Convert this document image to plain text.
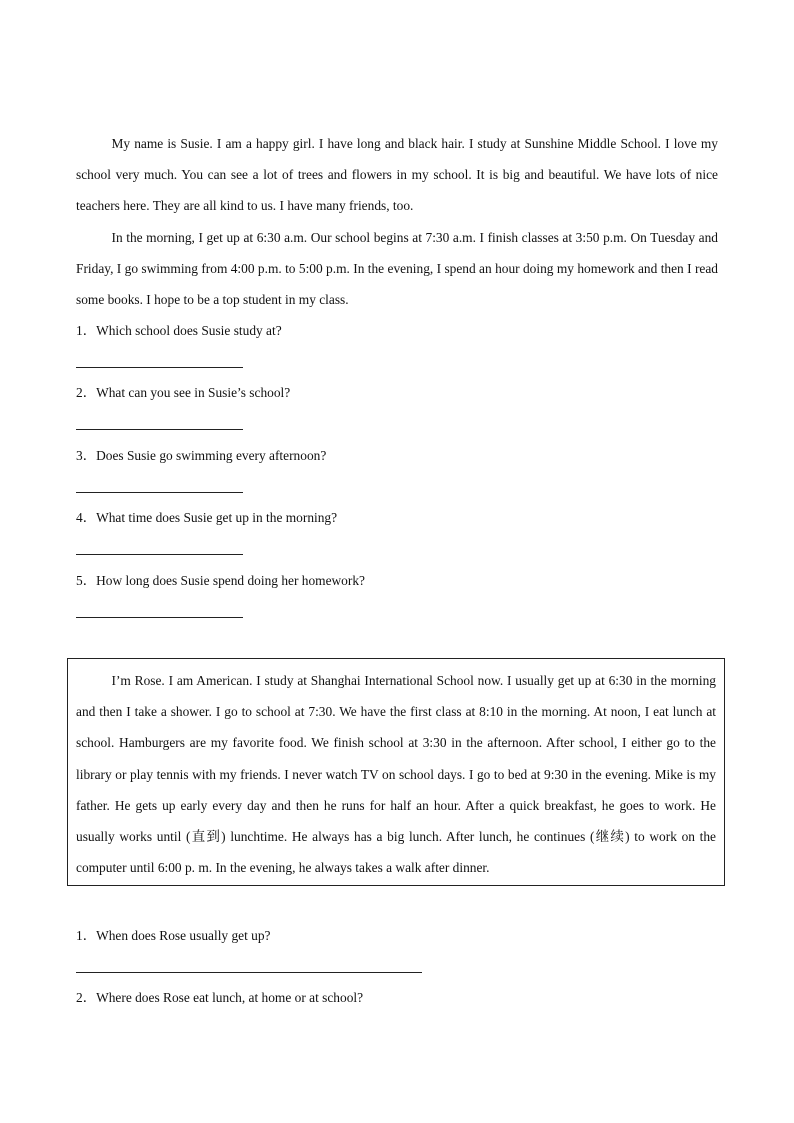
My name is Susie. I am a happy girl. I have long and black hair. I study at Sunshine Middle School. I love my school very much. You can see a lot of trees and flowers in my school. It is big and beautiful. We have lots of nice teachers here. They are all kind to us. I have many friends, too.

In the morning, I get up at 6:30 a.m. Our school begins at 7:30 a.m. I finish classes at 3:50 p.m. On Tuesday and Friday, I go swimming from 4:00 p.m. to 5:00 p.m. In the evening, I spend an hour doing my homework and then I read some books. I hope to be a top student in my class.

1．Which school does Susie study at?

2．What can you see in Susie’s school?

3．Does Susie go swimming every afternoon?

4．What time does Susie get up in the morning?

5．How long does Susie spend doing her homework?

I’m Rose. I am American. I study at Shanghai International School now. I usually get up at 6:30 in the morning and then I take a shower. I go to school at 7:30. We have the first class at 8:10 in the morning. At noon, I eat lunch at school. Hamburgers are my favorite food. We finish school at 3:30 in the afternoon. After school, I either go to the library or play tennis with my friends. I never watch TV on school days. I go to bed at 9:30 in the evening. Mike is my father. He gets up early every day and then he runs for half an hour. After a quick breakfast, he goes to work. He usually works until (直到) lunchtime. He always has a big lunch. After lunch, he continues (继续) to work on the computer until 6:00 p. m. In the evening, he always takes a walk after dinner.

1．When does Rose usually get up?

2．Where does Rose eat lunch, at home or at school?
